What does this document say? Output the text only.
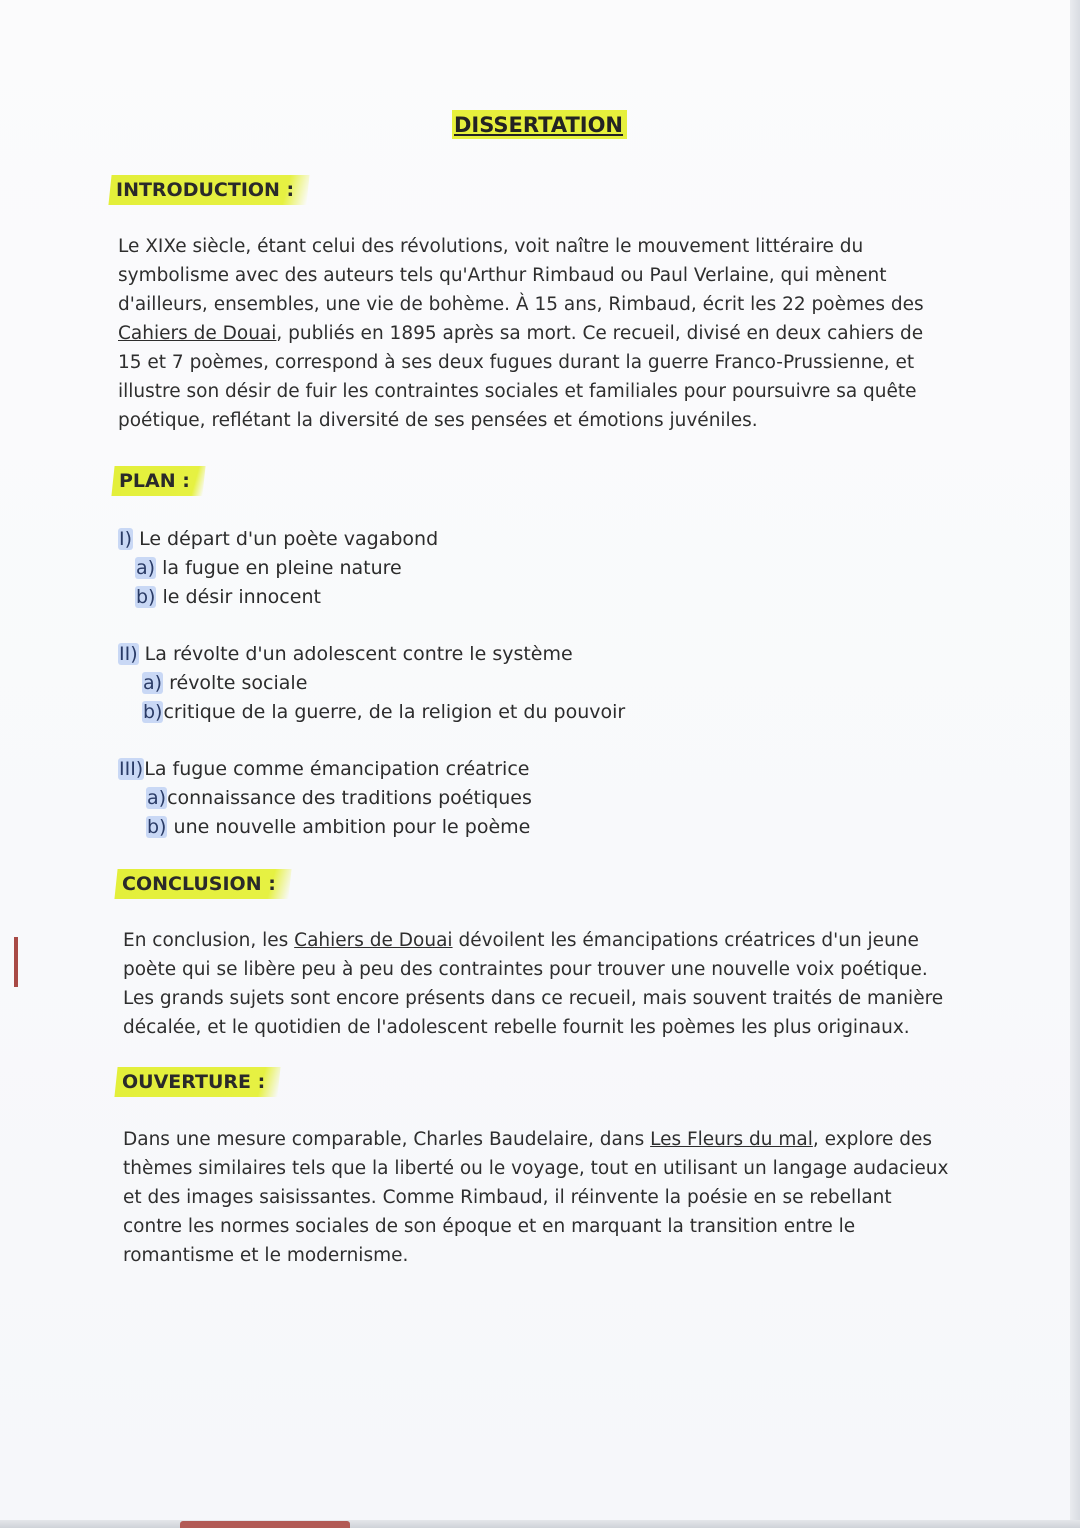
DISSERTATION
INTRODUCTION :

Le XIXe siècle, étant celui des révolutions, voit naître le mouvement littéraire du symbolisme avec des auteurs tels qu'Arthur Rimbaud ou Paul Verlaine, qui mènent d'ailleurs, ensembles, une vie de bohème. À 15 ans, Rimbaud, écrit les 22 poèmes des Cahiers de Douai, publiés en 1895 après sa mort. Ce recueil, divisé en deux cahiers de 15 et 7 poèmes, correspond à ses deux fugues durant la guerre Franco-Prussienne, et illustre son désir de fuir les contraintes sociales et familiales pour poursuivre sa quête poétique, reflétant la diversité de ses pensées et émotions juvéniles.

PLAN :
I) Le départ d'un poète vagabond
a) la fugue en pleine nature
b) le désir innocent
II) La révolte d'un adolescent contre le système
a) révolte sociale
b)critique de la guerre, de la religion et du pouvoir
III)La fugue comme émancipation créatrice
a)connaissance des traditions poétiques
b) une nouvelle ambition pour le poème
CONCLUSION :

En conclusion, les Cahiers de Douai dévoilent les émancipations créatrices d'un jeune poète qui se libère peu à peu des contraintes pour trouver une nouvelle voix poétique. Les grands sujets sont encore présents dans ce recueil, mais souvent traités de manière décalée, et le quotidien de l'adolescent rebelle fournit les poèmes les plus originaux.

OUVERTURE :

Dans une mesure comparable, Charles Baudelaire, dans Les Fleurs du mal, explore des thèmes similaires tels que la liberté ou le voyage, tout en utilisant un langage audacieux et des images saisissantes. Comme Rimbaud, il réinvente la poésie en se rebellant contre les normes sociales de son époque et en marquant la transition entre le romantisme et le modernisme.
